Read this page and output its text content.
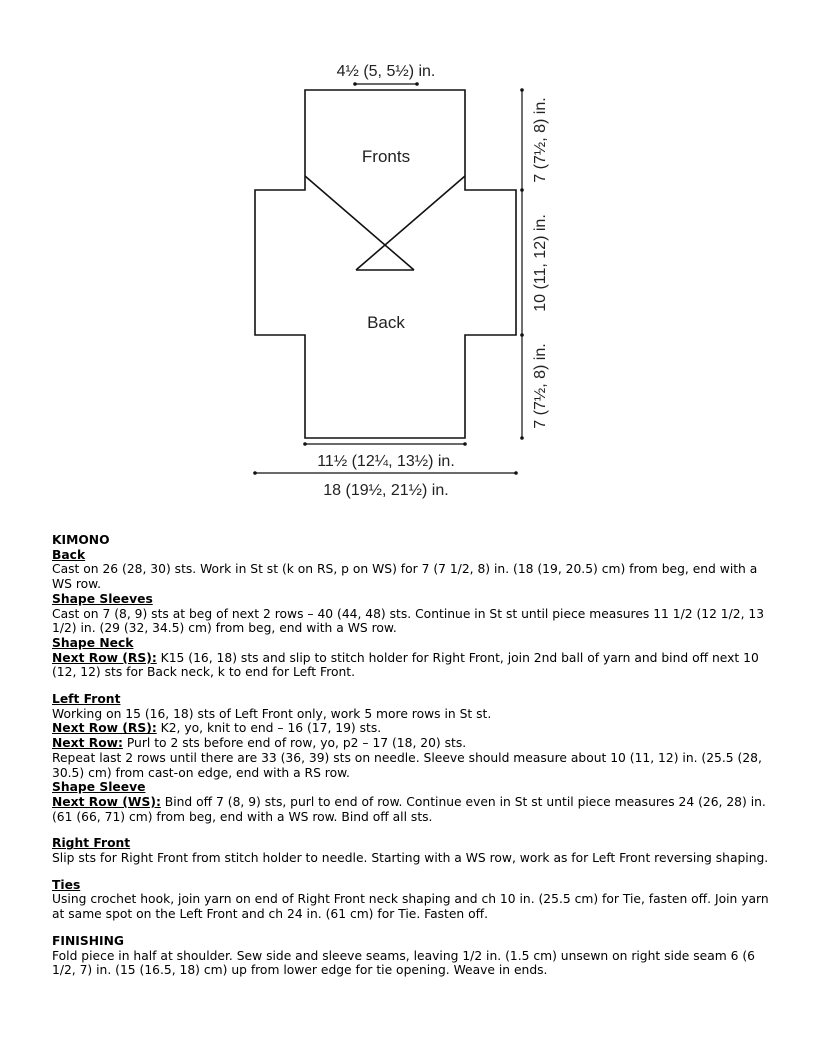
Fronts
Back
4½ (5, 5½) in.
11½ (12¼, 13½) in.
18 (19½, 21½) in.
7 (7½, 8) in.
10 (11, 12) in.
7 (7½, 8) in.
KIMONO

Back

Cast on 26 (28, 30) sts. Work in St st (k on RS, p on WS) for 7 (7 1/2, 8) in. (18 (19, 20.5) cm) from beg, end with a WS row.

Shape Sleeves

Cast on 7 (8, 9) sts at beg of next 2 rows – 40 (44, 48) sts. Continue in St st until piece measures 11 1/2 (12 1/2, 13 1/2) in. (29 (32, 34.5) cm) from beg, end with a WS row.

Shape Neck

Next Row (RS): K15 (16, 18) sts and slip to stitch holder for Right Front, join 2nd ball of yarn and bind off next 10 (12, 12) sts for Back neck, k to end for Left Front.

Left Front

Working on 15 (16, 18) sts of Left Front only, work 5 more rows in St st.

Next Row (RS): K2, yo, knit to end – 16 (17, 19) sts.

Next Row: Purl to 2 sts before end of row, yo, p2 – 17 (18, 20) sts.

Repeat last 2 rows until there are 33 (36, 39) sts on needle. Sleeve should measure about 10 (11, 12) in. (25.5 (28, 30.5) cm) from cast-on edge, end with a RS row.

Shape Sleeve

Next Row (WS): Bind off 7 (8, 9) sts, purl to end of row. Continue even in St st until piece measures 24 (26, 28) in. (61 (66, 71) cm) from beg, end with a WS row. Bind off all sts.

Right Front

Slip sts for Right Front from stitch holder to needle. Starting with a WS row, work as for Left Front reversing shaping.

Ties

Using crochet hook, join yarn on end of Right Front neck shaping and ch 10 in. (25.5 cm) for Tie, fasten off. Join yarn at same spot on the Left Front and ch 24 in. (61 cm) for Tie. Fasten off.

FINISHING

Fold piece in half at shoulder. Sew side and sleeve seams, leaving 1/2 in. (1.5 cm) unsewn on right side seam 6 (6 1/2, 7) in. (15 (16.5, 18) cm) up from lower edge for tie opening. Weave in ends.
